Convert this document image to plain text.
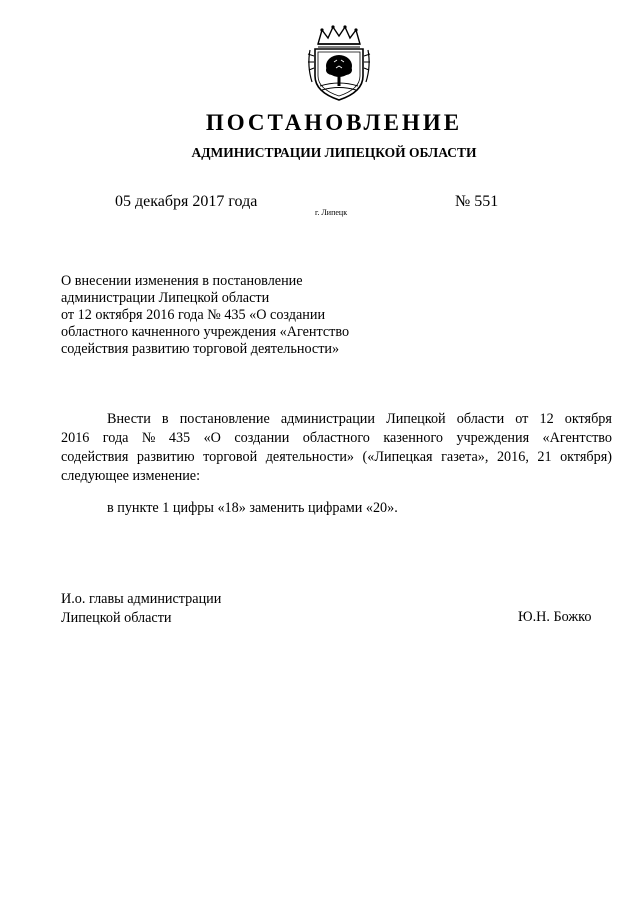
ПОСТАНОВЛЕНИЕ
АДМИНИСТРАЦИИ ЛИПЕЦКОЙ ОБЛАСТИ
05 декабря 2017 года
г. Липецк
№ 551
О внесении изменения в постановление
администрации Липецкой области
от 12 октября 2016 года № 435 «О создании
областного качненного учреждения «Агентство
содействия развитию торговой деятельности»
Внести в постановление администрации Липецкой области от 12 октября
2016 года № 435 «О создании областного казенного учреждения «Агентство
содействия развитию торговой деятельности» («Липецкая газета», 2016, 21 октября)
следующее изменение:
в пункте 1 цифры «18» заменить цифрами «20».
И.о. главы администрации
Липецкой области	Ю.Н. Божко
